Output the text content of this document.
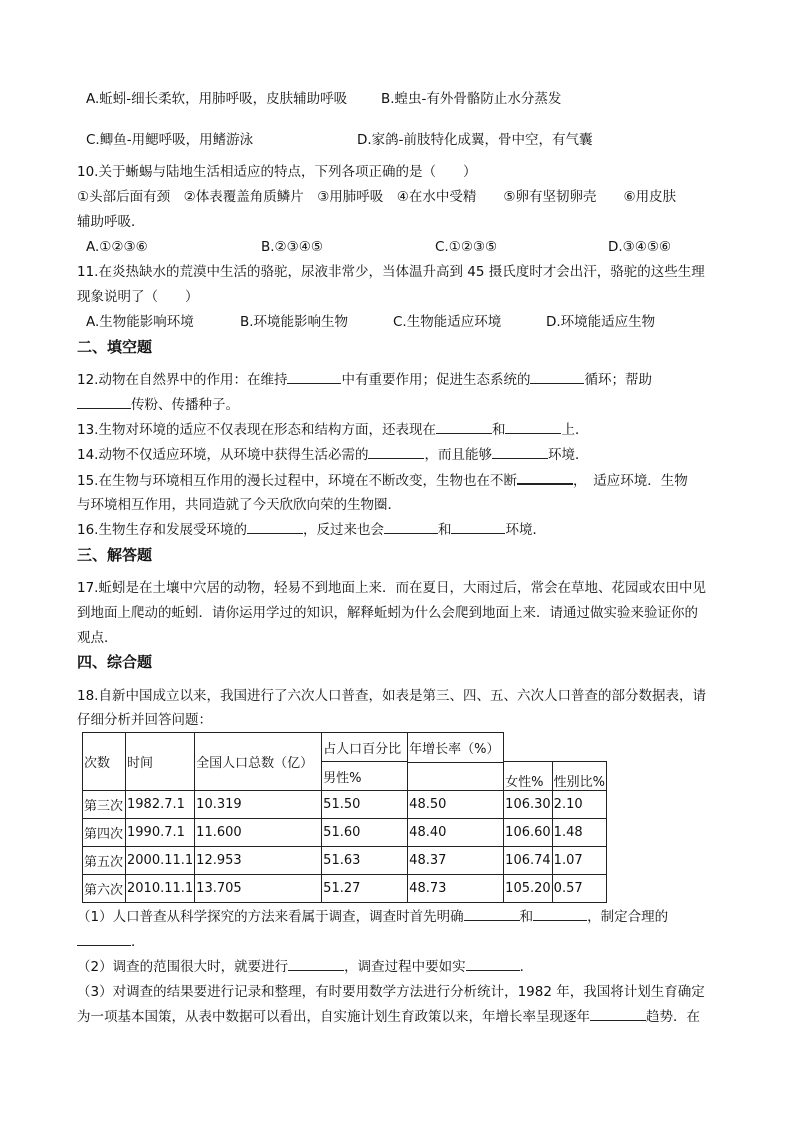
A.蚯蚓-细长柔软，用肺呼吸，皮肤辅助呼吸	B.蝗虫-有外骨骼防止水分蒸发
C.鲫鱼-用鳃呼吸，用鳍游泳	D.家鸽-前肢特化成翼，骨中空，有气囊
10.关于蜥蜴与陆地生活相适应的特点，下列各项正确的是（　　）
①头部后面有颈　②体表覆盖角质鳞片　③用肺呼吸　④在水中受精　　⑤卵有坚韧卵壳　　⑥用皮肤
辅助呼吸．
A.①②③⑥	B.②③④⑤	C.①②③⑤	D.③④⑤⑥
11.在炎热缺水的荒漠中生活的骆驼，尿液非常少，当体温升高到 45 摄氏度时才会出汗，骆驼的这些生理
现象说明了（　　）
A.生物能影响环境	B.环境能影响生物	C.生物能适应环境	D.环境能适应生物
二、填空题
12.动物在自然界中的作用：在维持	中有重要作用；促进生态系统的	循环；帮助
传粉、传播种子。
13.生物对环境的适应不仅表现在形态和结构方面，还表现在	和	上．
14.动物不仅适应环境，从环境中获得生活必需的	，而且能够	环境．
15.在生物与环境相互作用的漫长过程中，环境在不断改变，生物也在不断	，　适应环境．生物
与环境相互作用，共同造就了今天欣欣向荣的生物圈．
16.生物生存和发展受环境的	，反过来也会	和	环境．
三、解答题
17.蚯蚓是在土壤中穴居的动物，轻易不到地面上来．而在夏日，大雨过后，常会在草地、花园或农田中见
到地面上爬动的蚯蚓．请你运用学过的知识，解释蚯蚓为什么会爬到地面上来．请通过做实验来验证你的
观点．
四、综合题
18.自新中国成立以来，我国进行了六次人口普查，如表是第三、四、五、六次人口普查的部分数据表，请
仔细分析并回答问题：
次数	时间	全国人口总数（亿）	占人口百分比	年增长率（%）		
			男性%		女性%	性别比%

第三次	1982.7.1	10.319	51.50	48.50	106.30	2.10
第四次	1990.7.1	11.600	51.60	48.40	106.60	1.48
第五次	2000.11.1	12.953	51.63	48.37	106.74	1.07
第六次	2010.11.1	13.705	51.27	48.73	105.20	0.57
（1）人口普查从科学探究的方法来看属于调查，调查时首先明确	和	，制定合理的
．
（2）调查的范围很大时，就要进行	，调查过程中要如实	．
（3）对调查的结果要进行记录和整理，有时要用数学方法进行分析统计，1982 年，我国将计划生育确定
为一项基本国策，从表中数据可以看出，自实施计划生育政策以来，年增长率呈现逐年	趋势．在
